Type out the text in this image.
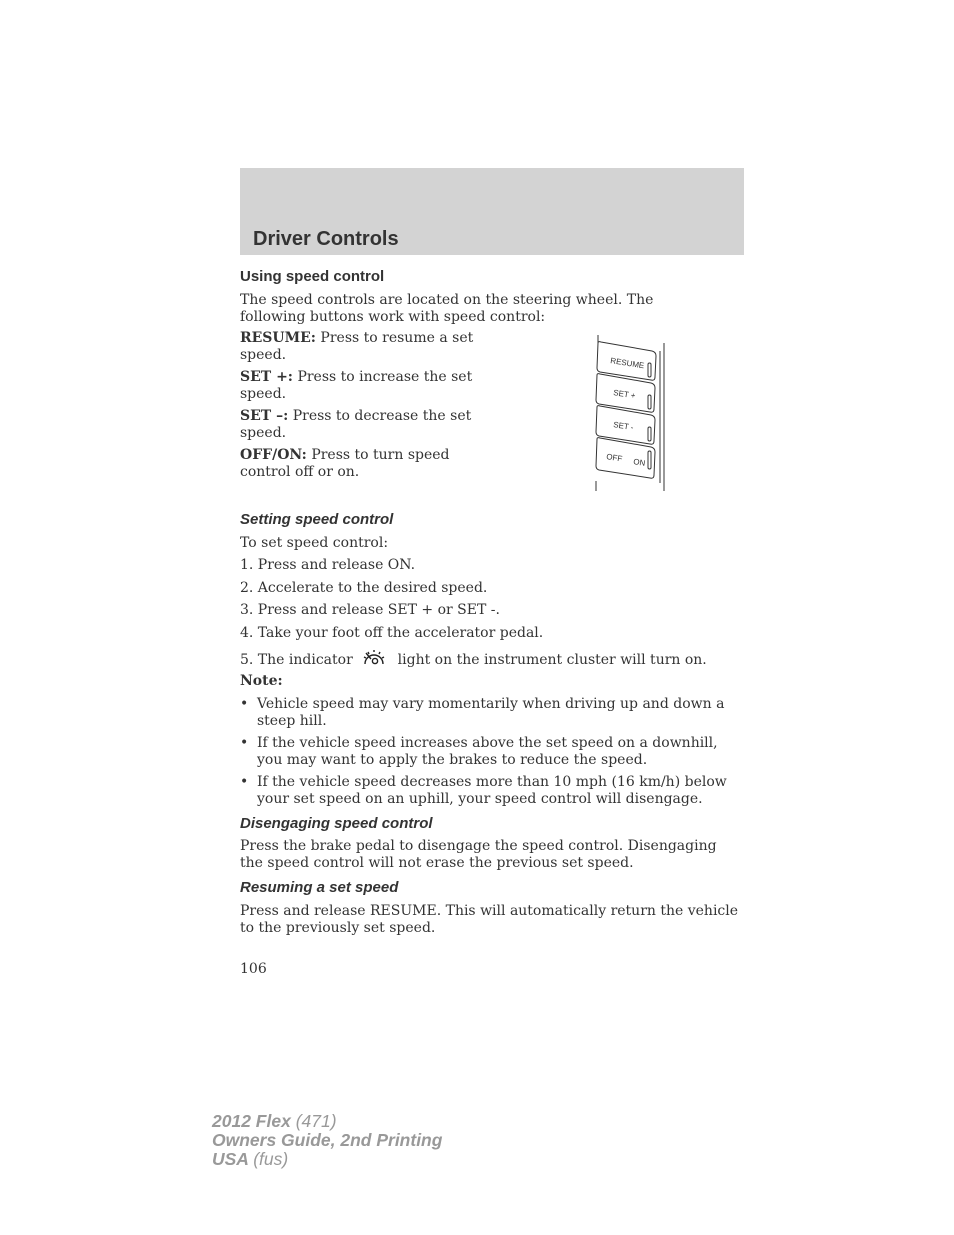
Driver Controls
Using speed control
The speed controls are located on the steering wheel. The following buttons work with speed control:
RESUME: Press to resume a set speed.
SET +: Press to increase the set speed.
SET –: Press to decrease the set speed.
OFF/ON: Press to turn speed control off or on.
RESUME
SET +
SET -
OFF ON
Setting speed control
To set speed control:
1. Press and release ON.
2. Accelerate to the desired speed.
3. Press and release SET + or SET -.
4. Take your foot off the accelerator pedal.
5. The indicator	light on the instrument cluster will turn on.
Note:
• Vehicle speed may vary momentarily when driving up and down a steep hill.
• If the vehicle speed increases above the set speed on a downhill, you may want to apply the brakes to reduce the speed.
• If the vehicle speed decreases more than 10 mph (16 km/h) below your set speed on an uphill, your speed control will disengage.
Disengaging speed control
Press the brake pedal to disengage the speed control. Disengaging the speed control will not erase the previous set speed.
Resuming a set speed
Press and release RESUME. This will automatically return the vehicle to the previously set speed.
106
2012 Flex (471)
Owners Guide, 2nd Printing
USA (fus)
